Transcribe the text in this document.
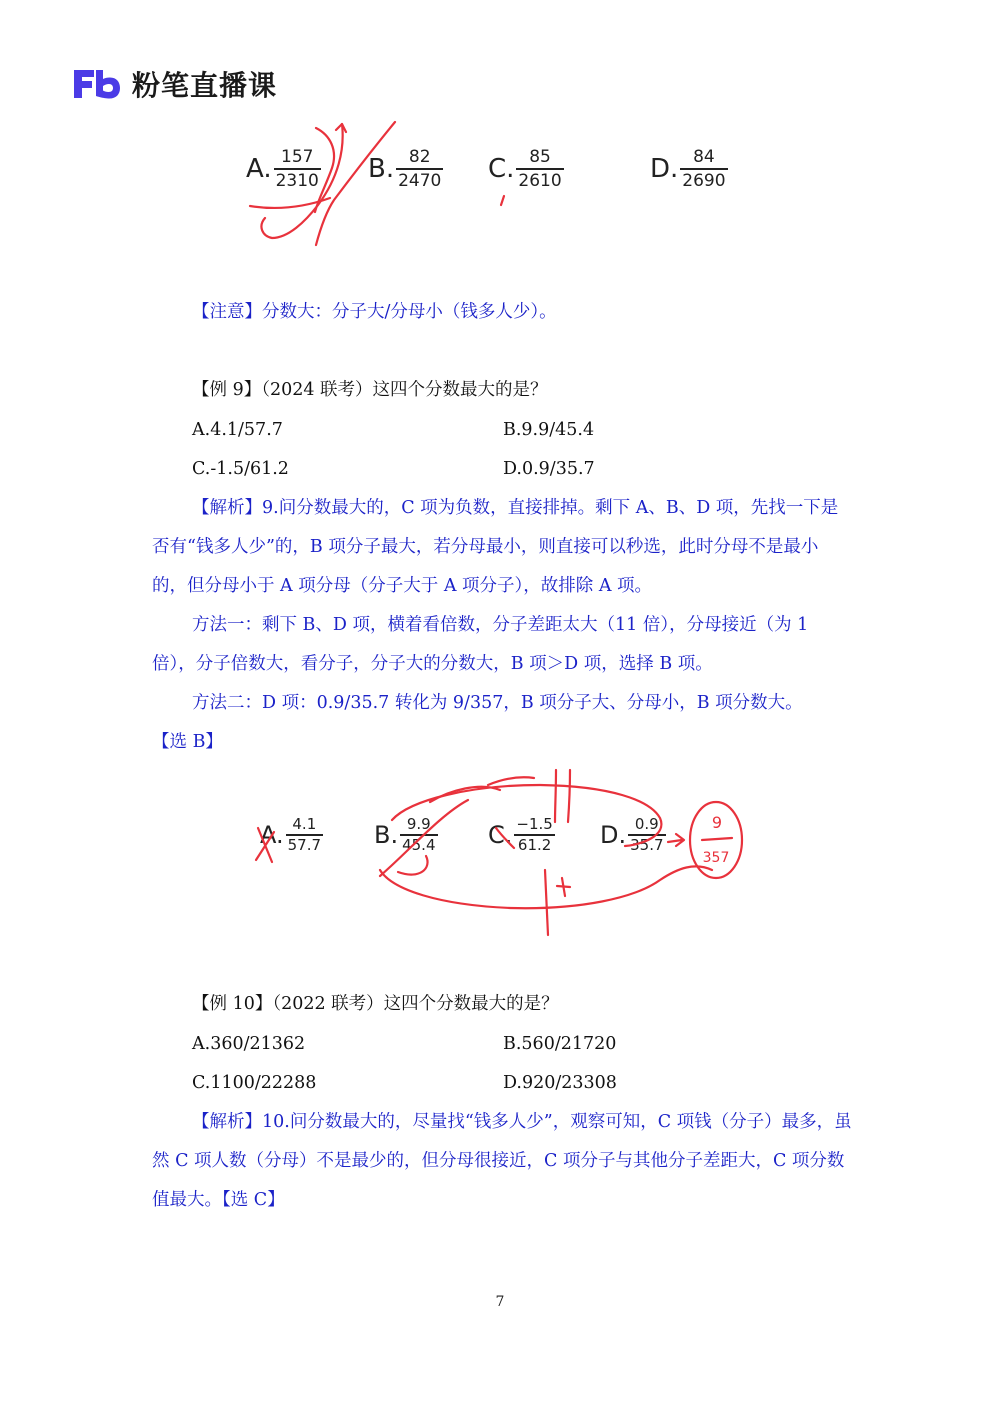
粉笔直播课
A. $\frac{157}{2310} B$. $\frac{82}{2470} C$. $\frac{85}{2610}$	D. $\frac{84}{2690}$
【注意】分数大：分子大/分母小（钱多人少）。
【例 9】（2024 联考）这四个分数最大的是？
A.4.1/57.7	B.9.9/45.4
C.-1.5/61.2	D.0.9/35.7
【解析】9.问分数最大的，C 项为负数，直接排掉。剩下 A、B、D 项，先找一下是否有“钱多人少”的，B 项分子最大，若分母最小，则直接可以秒选，此时分母不是最小的，但分母小于 A 项分母（分子大于 A 项分子），故排除 A 项。
方法一：剩下 B、D 项，横着看倍数，分子差距太大（11 倍），分母接近（为 1 倍），分子倍数大，看分子，分子大的分数大，B 项＞D 项，选择 B 项。
方法二：D 项：0.9/35.7 转化为 9/357，B 项分子大、分母小，B 项分数大。
【选 B】
A. $\frac{4.1}{57.7} B$. $\frac{9.9}{45.4} C$. $\frac{-1.5}{61.2} D$. $\frac{0.9}{35.7}$	9
357
【例 10】（2022 联考）这四个分数最大的是？
A.360/21362	B.560/21720
C.1100/22288	D.920/23308
【解析】10.问分数最大的，尽量找“钱多人少”，观察可知，C 项钱（分子）最多，虽然 C 项人数（分母）不是最少的，但分母很接近，C 项分子与其他分子差距大，C 项分数值最大。【选 C】
7
